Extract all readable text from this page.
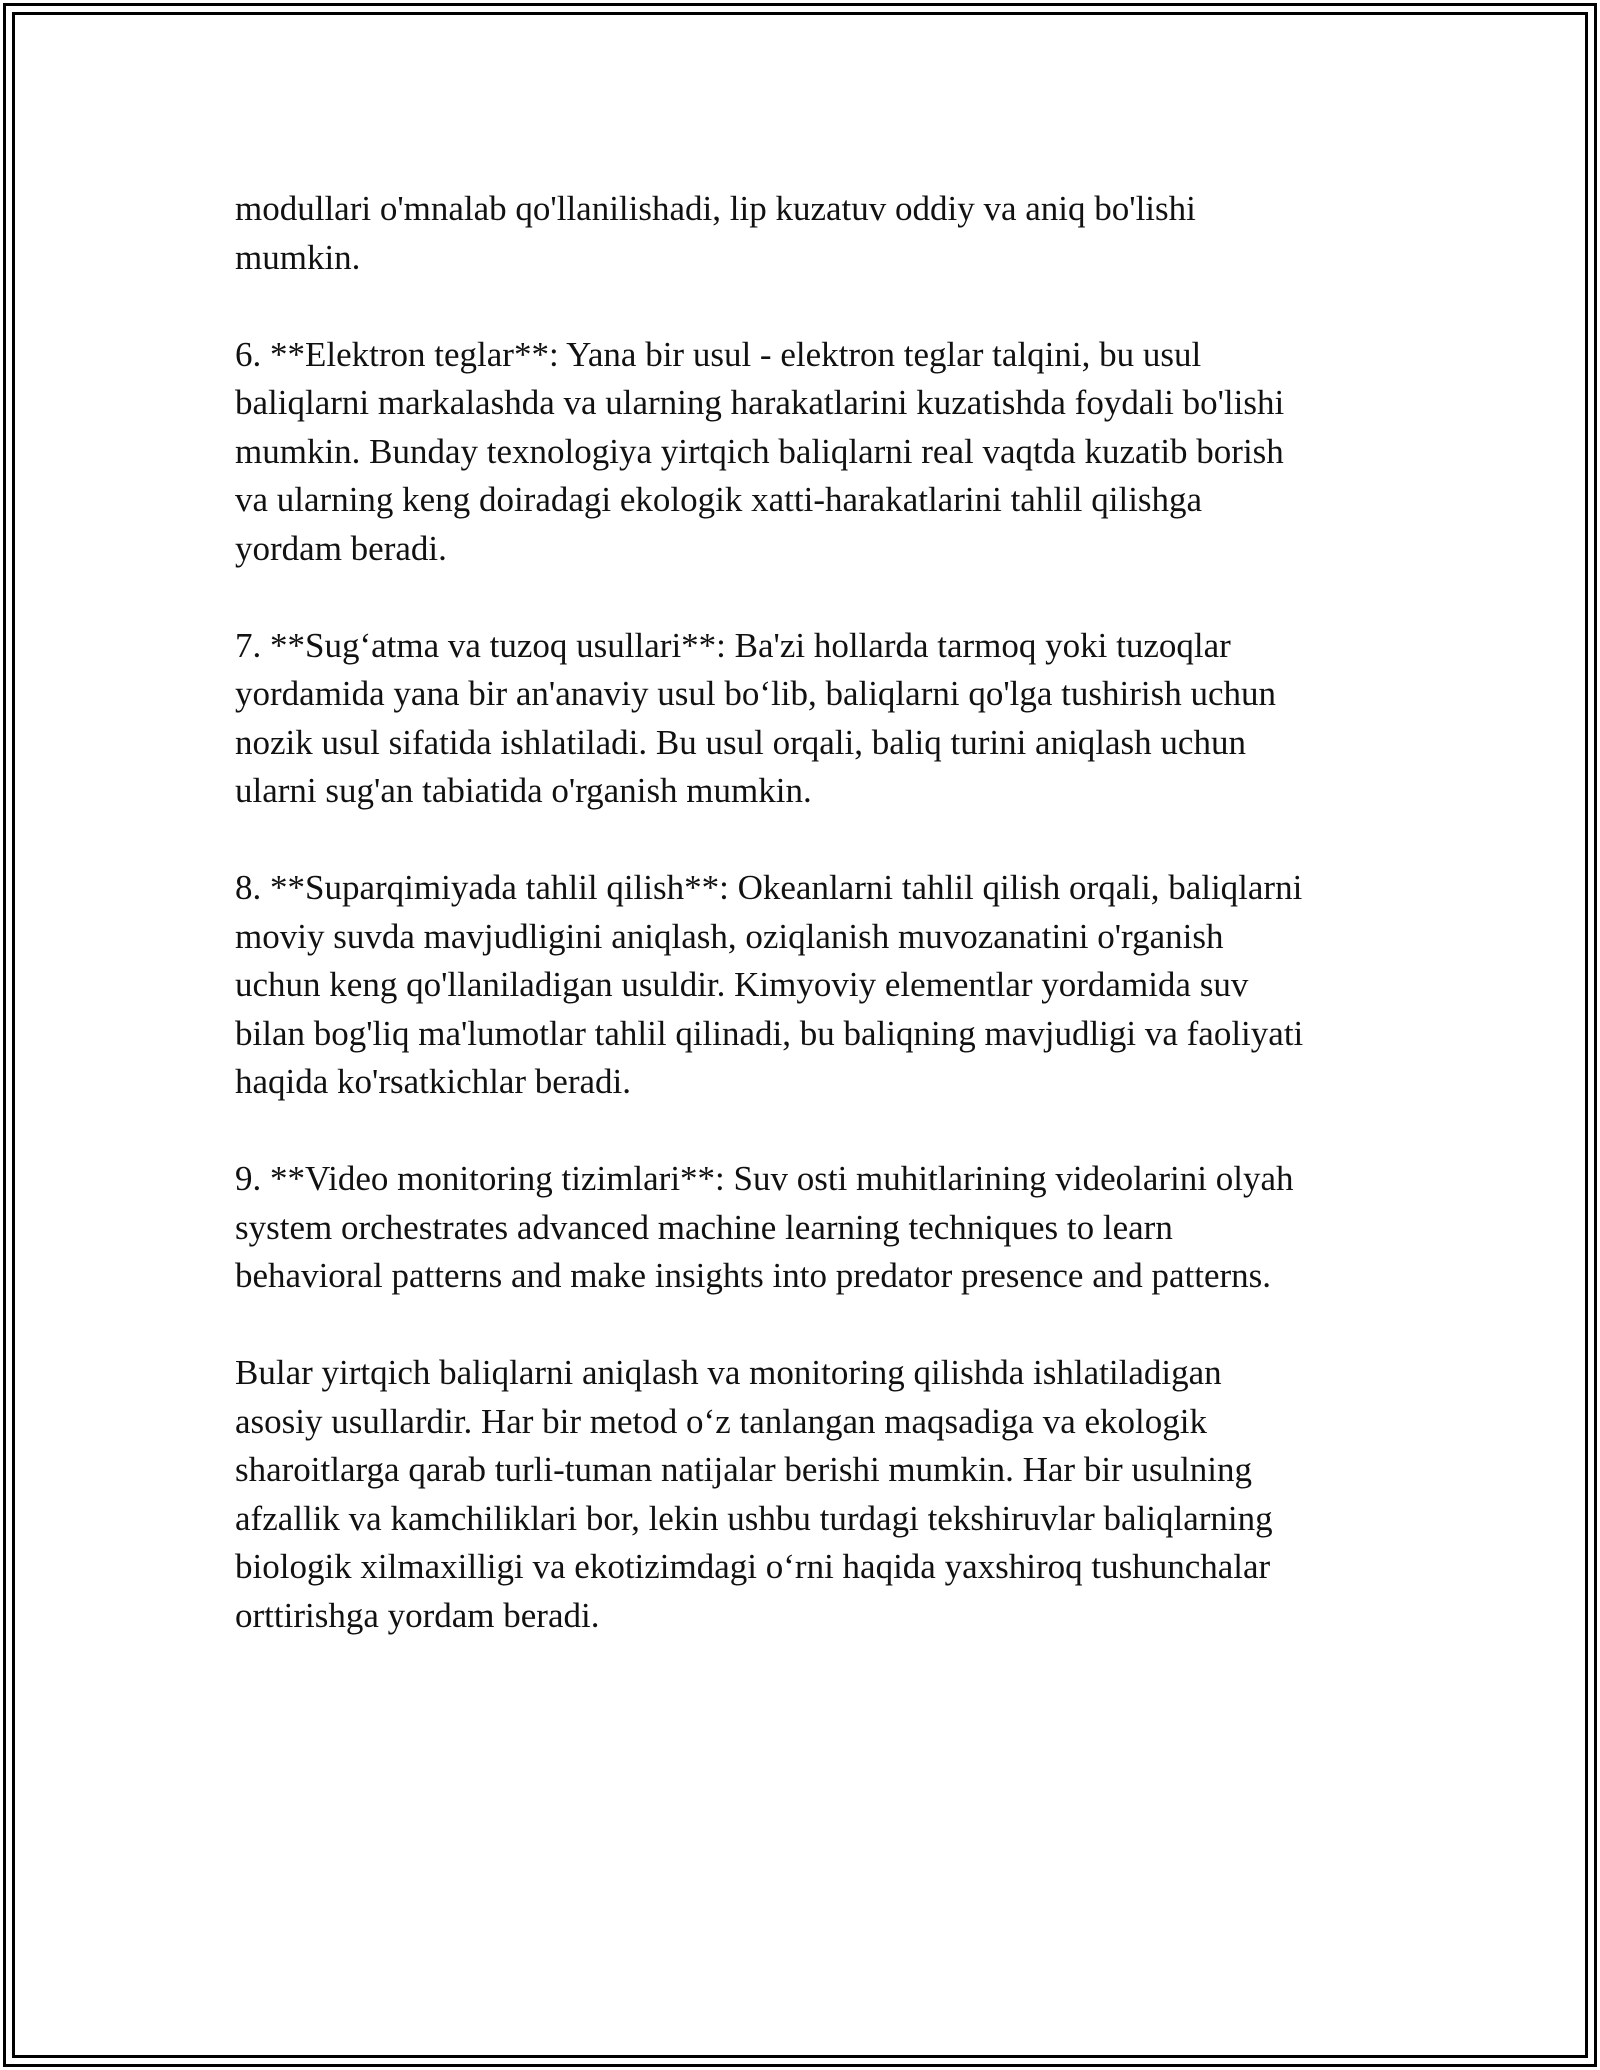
modullari o'mnalab qo'llanilishadi, lip kuzatuv oddiy va aniq bo'lishi
mumkin.

6. **Elektron teglar**: Yana bir usul - elektron teglar talqini, bu usul
baliqlarni markalashda va ularning harakatlarini kuzatishda foydali bo'lishi
mumkin. Bunday texnologiya yirtqich baliqlarni real vaqtda kuzatib borish
va ularning keng doiradagi ekologik xatti-harakatlarini tahlil qilishga
yordam beradi.

7. **Sug‘atma va tuzoq usullari**: Ba'zi hollarda tarmoq yoki tuzoqlar
yordamida yana bir an'anaviy usul bo‘lib, baliqlarni qo'lga tushirish uchun
nozik usul sifatida ishlatiladi. Bu usul orqali, baliq turini aniqlash uchun
ularni sug'an tabiatida o'rganish mumkin.

8. **Suparqimiyada tahlil qilish**: Okeanlarni tahlil qilish orqali, baliqlarni
moviy suvda mavjudligini aniqlash, oziqlanish muvozanatini o'rganish
uchun keng qo'llaniladigan usuldir. Kimyoviy elementlar yordamida suv
bilan bog'liq ma'lumotlar tahlil qilinadi, bu baliqning mavjudligi va faoliyati
haqida ko'rsatkichlar beradi.

9. **Video monitoring tizimlari**: Suv osti muhitlarining videolarini olyah
system orchestrates advanced machine learning techniques to learn
behavioral patterns and make insights into predator presence and patterns.

Bular yirtqich baliqlarni aniqlash va monitoring qilishda ishlatiladigan
asosiy usullardir. Har bir metod o‘z tanlangan maqsadiga va ekologik
sharoitlarga qarab turli-tuman natijalar berishi mumkin. Har bir usulning
afzallik va kamchiliklari bor, lekin ushbu turdagi tekshiruvlar baliqlarning
biologik xilmaxilligi va ekotizimdagi o‘rni haqida yaxshiroq tushunchalar
orttirishga yordam beradi.
